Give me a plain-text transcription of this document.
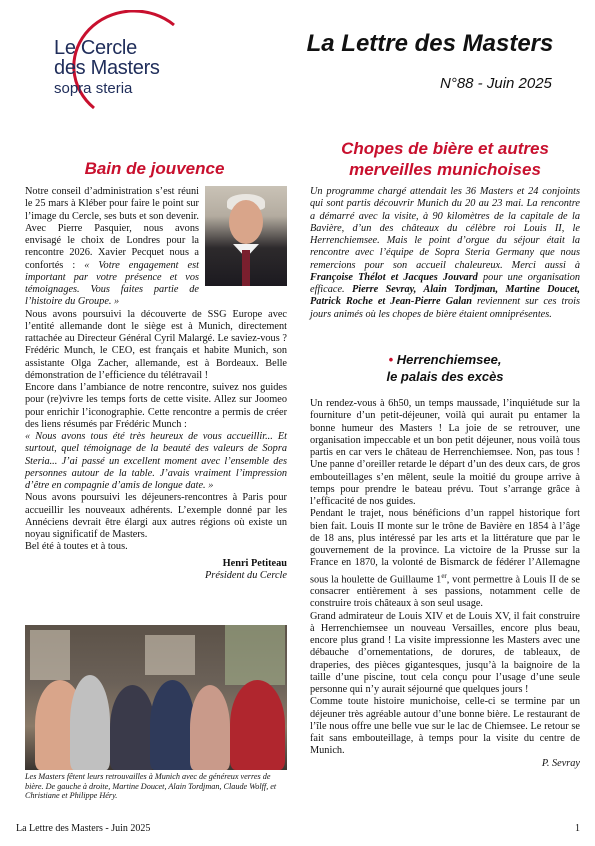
Le Cercle
des Masters
sopra steria
La Lettre des Masters
N°88 - Juin 2025
Bain de jouvence

Notre conseil d’administration s’est réuni le 25 mars à Kléber pour faire le point sur l’image du Cercle, ses buts et son devenir. Avec Pierre Pasquier, nous avons envisagé le choix de Londres pour la rencontre 2026. Xavier Pecquet nous a confortés : « Votre engagement est important par votre présence et vos témoignages. Vous faites partie de l’histoire du Groupe. »

Nous avons poursuivi la découverte de SSG Europe avec l’entité allemande dont le siège est à Munich, directement rattachée au Directeur Général Cyril Malargé. Le saviez-vous ? Frédéric Munch, le CEO, est français et habite Munich, son assistante Olga Zacher, allemande, est à Bordeaux. Belle démonstration de l’efficience du télétravail !

Encore dans l’ambiance de notre rencontre, suivez nos guides pour (re)vivre les temps forts de cette visite. Allez sur Joomeo pour enrichir l’iconographie. Cette rencontre a permis de créer des liens résumés par Frédéric Munch :

« Nous avons tous été très heureux de vous accueillir... Et surtout, quel témoignage de la beauté des valeurs de Sopra Steria... J’ai passé un excellent moment avec l’ensemble des personnes autour de la table. J’avais vraiment l’impression d’être en compagnie d’amis de longue date. »

Nous avons poursuivi les déjeuners-rencontres à Paris pour accueillir les nouveaux adhérents. L’exemple donné par les Annéciens devrait être élargi aux autres régions où existe un noyau significatif de Masters.

Bel été à toutes et à tous.

Henri Petiteau
Président du Cercle
Les Masters fêtent leurs retrouvailles à Munich avec de généreux verres de bière. De gauche à droite, Martine Doucet, Alain Tordjman, Claude Wolff, et Christiane et Philippe Héry.
Chopes de bière et autres merveilles munichoises

Un programme chargé attendait les 36 Masters et 24 conjoints qui sont partis découvrir Munich du 20 au 23 mai. La rencontre a démarré avec la visite, à 90 kilomètres de la capitale de la Bavière, d’un des châteaux du célèbre roi Louis II, le Herrenchiemsee. Mais le point d’orgue du séjour était la rencontre avec l’équipe de Sopra Steria Germany que nous remercions pour son accueil chaleureux. Merci aussi à Françoise Thélot et Jacques Jouvard pour une organisation efficace. Pierre Sevray, Alain Tordjman, Martine Doucet, Patrick Roche et Jean-Pierre Galan reviennent sur ces trois jours animés où les chopes de bière étaient omniprésentes.

• Herrenchiemsee,
le palais des excès

Un rendez-vous à 6h50, un temps maussade, l’inquiétude sur la fourniture d’un petit-déjeuner, voilà qui aurait pu entamer la bonne humeur des Masters ! La joie de se retrouver, une organisation impeccable et un bon petit déjeuner, nous voilà tous partis en car vers le château de Herrenchiemsee. Non, pas tous ! Une panne d’oreiller retarde le départ d’un des deux cars, de gros embouteillages s’en mêlent, seule la moitié du groupe arrive à temps pour prendre le bateau prévu. Tout s’arrange grâce à l’efficacité de nos guides.

Pendant le trajet, nous bénéficions d’un rappel historique fort bien fait. Louis II monte sur le trône de Bavière en 1854 à l’âge de 18 ans, plus intéressé par les arts et la littérature que par le gouvernement de la province. La victoire de la Prusse sur la France en 1870, la volonté de Bismarck de fédérer l’Allemagne sous la houlette de Guillaume 1er, vont permettre à Louis II de se consacrer entièrement à ses passions, notamment celle de construire trois châteaux à son seul usage.

Grand admirateur de Louis XIV et de Louis XV, il fait construire à Herrenchiemsee un nouveau Versailles, encore plus beau, encore plus grand ! La visite impressionne les Masters avec une débauche d’ornementations, de dorures, de tableaux, de draperies, des pièces gigantesques, jusqu’à la baignoire de la taille d’une piscine, tout cela conçu pour l’usage d’une seule personne qui n’y aurait séjourné que quelques jours !

Comme toute histoire munichoise, celle-ci se termine par un déjeuner très agréable autour d’une bonne bière. Le restaurant de l’île nous offre une belle vue sur le lac de Chiemsee. Le retour se fait sans embouteillage, à temps pour la visite du centre de Munich.

P. Sevray

La Lettre des Masters - Juin 2025	1
